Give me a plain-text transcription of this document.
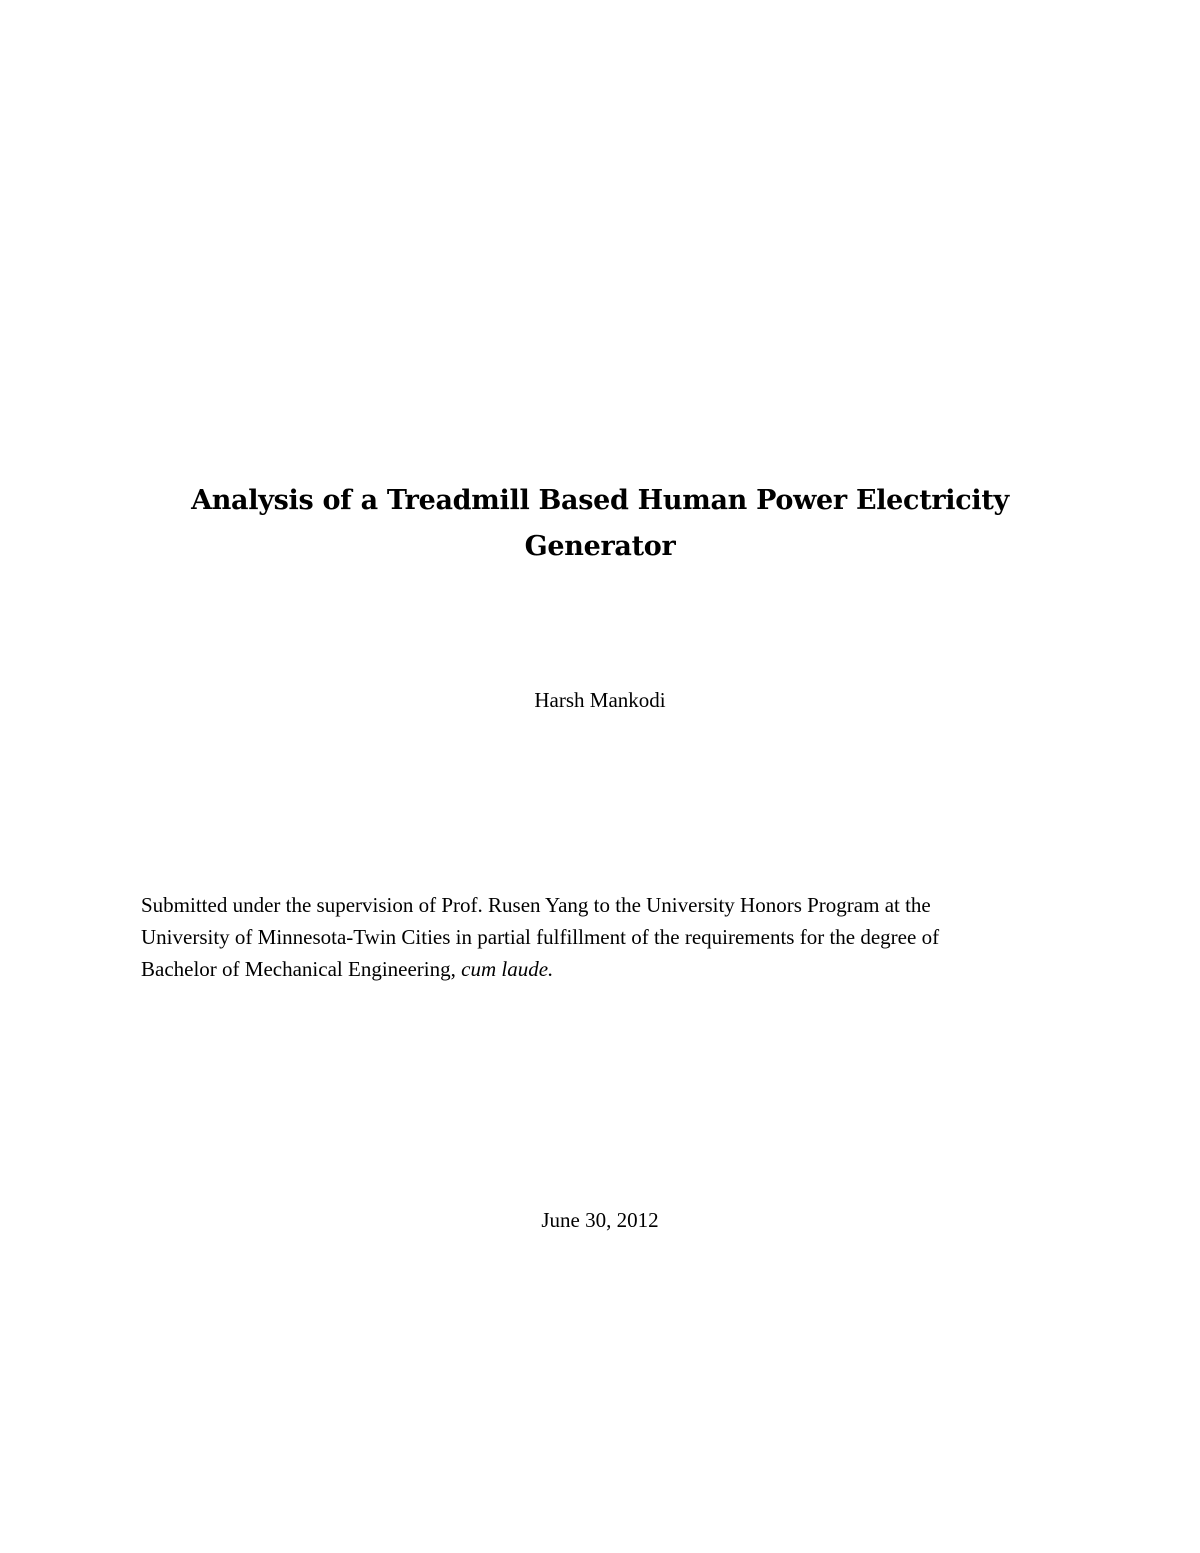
Analysis of a Treadmill Based Human Power Electricity
Generator
Harsh Mankodi
Submitted under the supervision of Prof. Rusen Yang to the University Honors Program at the
University of Minnesota-Twin Cities in partial fulfillment of the requirements for the degree of
Bachelor of Mechanical Engineering, cum laude.
June 30, 2012
